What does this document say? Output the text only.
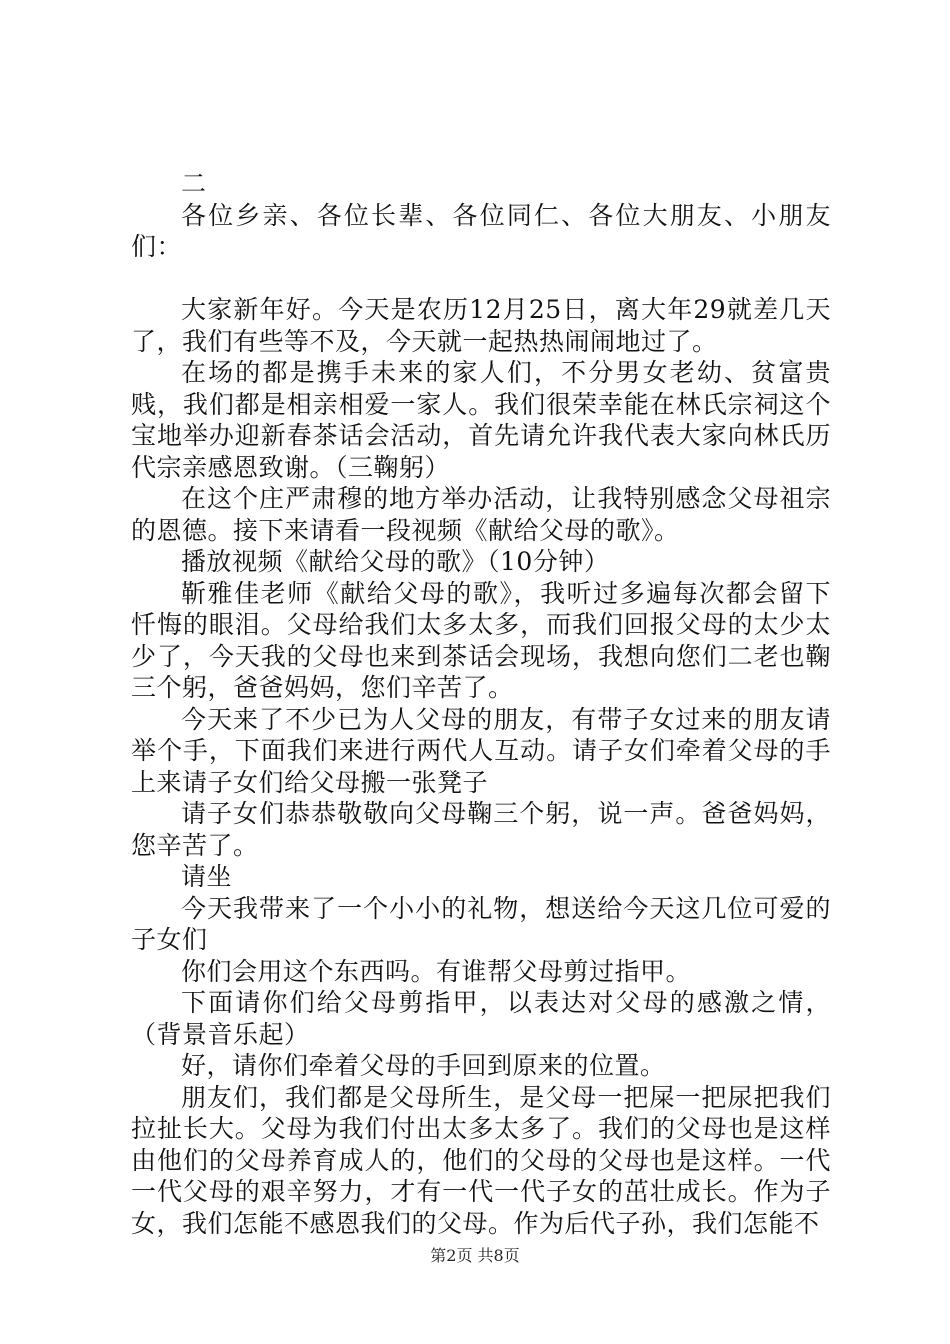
二

各位乡亲、各位长辈、各位同仁、各位大朋友、小朋友们：

大家新年好。今天是农历12月25日，离大年29就差几天了，我们有些等不及，今天就一起热热闹闹地过了。

在场的都是携手未来的家人们，不分男女老幼、贫富贵贱，我们都是相亲相爱一家人。我们很荣幸能在林氏宗祠这个宝地举办迎新春茶话会活动，首先请允许我代表大家向林氏历代宗亲感恩致谢。（三鞠躬）

在这个庄严肃穆的地方举办活动，让我特别感念父母祖宗的恩德。接下来请看一段视频《献给父母的歌》。

播放视频《献给父母的歌》（10分钟）

靳雅佳老师《献给父母的歌》，我听过多遍每次都会留下忏悔的眼泪。父母给我们太多太多，而我们回报父母的太少太少了，今天我的父母也来到茶话会现场，我想向您们二老也鞠三个躬，爸爸妈妈，您们辛苦了。

今天来了不少已为人父母的朋友，有带子女过来的朋友请举个手，下面我们来进行两代人互动。请子女们牵着父母的手上来请子女们给父母搬一张凳子

请子女们恭恭敬敬向父母鞠三个躬，说一声。爸爸妈妈，您辛苦了。

请坐

今天我带来了一个小小的礼物，想送给今天这几位可爱的子女们

你们会用这个东西吗。有谁帮父母剪过指甲。

下面请你们给父母剪指甲，以表达对父母的感激之情，（背景音乐起）

好，请你们牵着父母的手回到原来的位置。

朋友们，我们都是父母所生，是父母一把屎一把尿把我们拉扯长大。父母为我们付出太多太多了。我们的父母也是这样由他们的父母养育成人的，他们的父母的父母也是这样。一代一代父母的艰辛努力，才有一代一代子女的茁壮成长。作为子女，我们怎能不感恩我们的父母。作为后代子孙，我们怎能不

第2页 共8页
